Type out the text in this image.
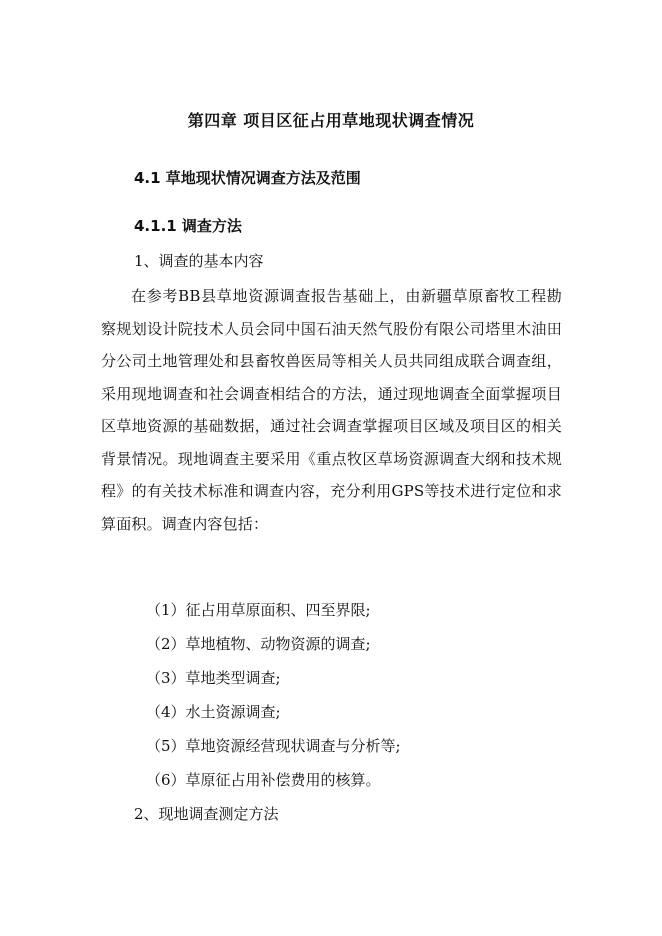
第四章 项目区征占用草地现状调查情况
4.1 草地现状情况调查方法及范围
4.1.1 调查方法

1、调查的基本内容

在参考BB县草地资源调查报告基础上，由新疆草原畜牧工程勘察规划设计院技术人员会同中国石油天然气股份有限公司塔里木油田分公司土地管理处和县畜牧兽医局等相关人员共同组成联合调查组，采用现地调查和社会调查相结合的方法，通过现地调查全面掌握项目区草地资源的基础数据，通过社会调查掌握项目区域及项目区的相关背景情况。现地调查主要采用《重点牧区草场资源调查大纲和技术规程》的有关技术标准和调查内容，充分利用GPS等技术进行定位和求算面积。调查内容包括：

（1）征占用草原面积、四至界限;
（2）草地植物、动物资源的调查;
（3）草地类型调查;
（4）水土资源调查;
（5）草地资源经营现状调查与分析等;
（6）草原征占用补偿费用的核算。

2、现地调查测定方法
